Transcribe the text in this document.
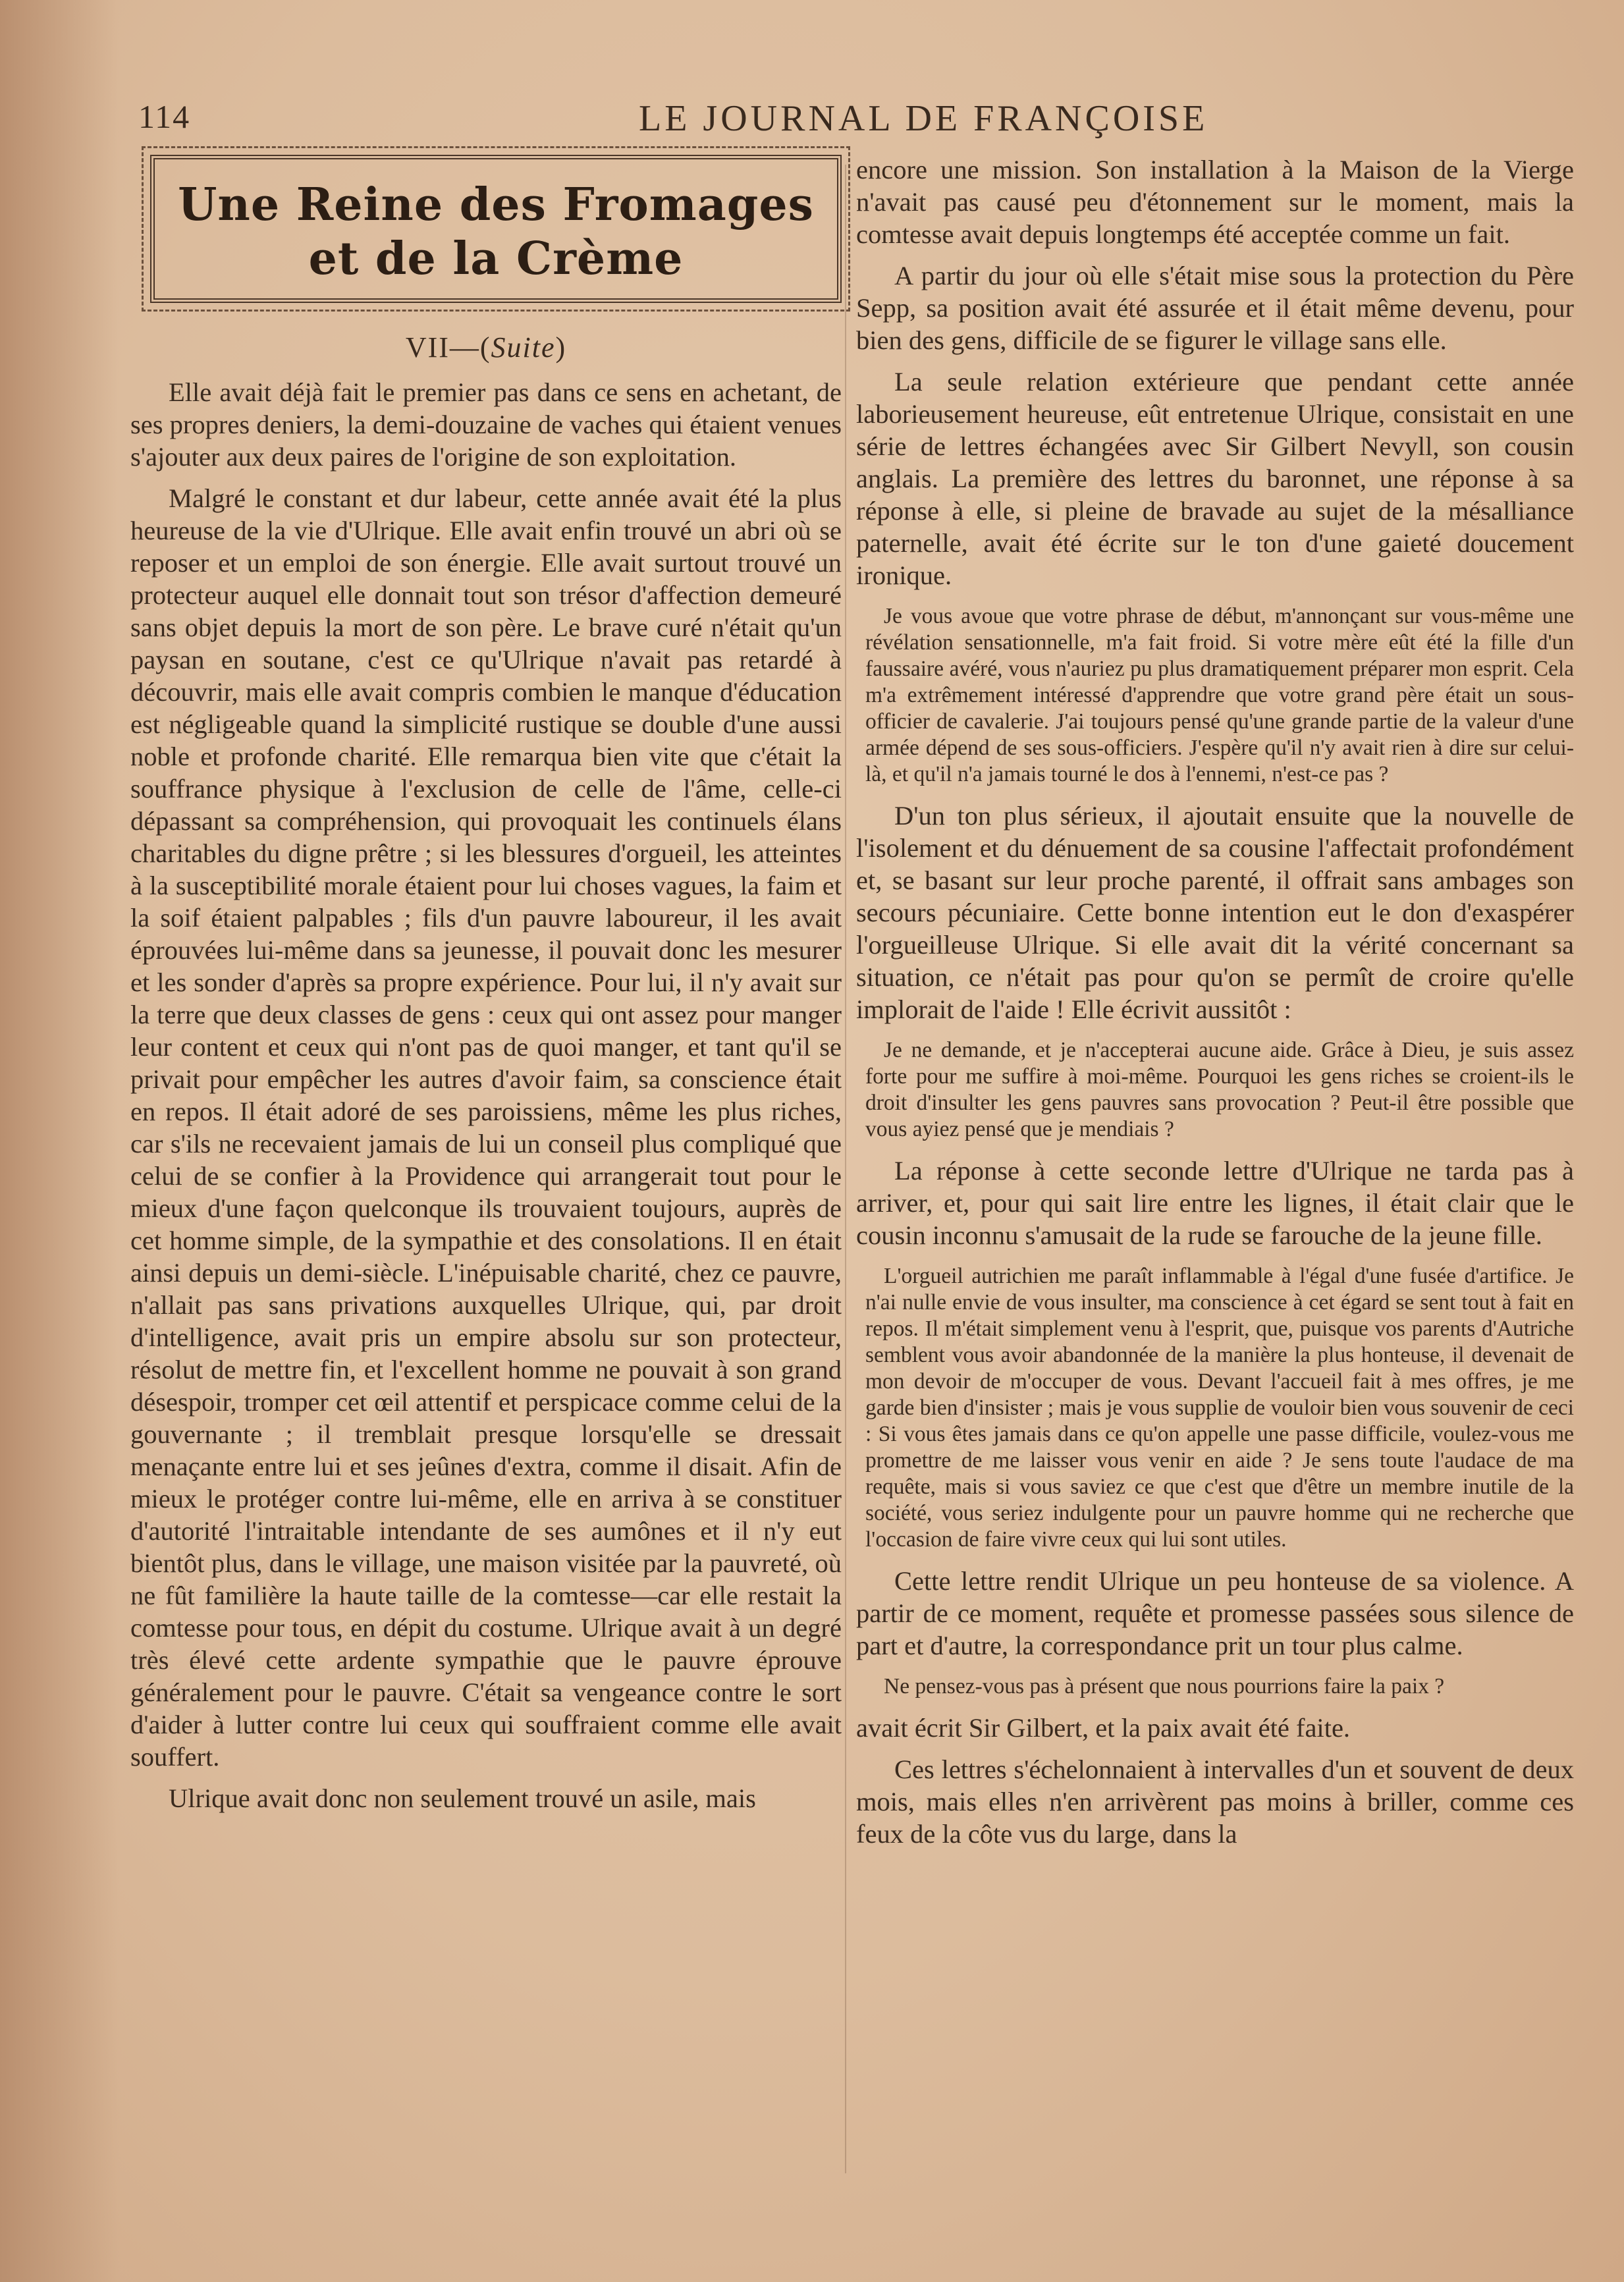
114	LE JOURNAL DE FRANÇOISE
Une Reine des Fromages
et de la Crème
VII—(Suite)

Elle avait déjà fait le premier pas dans ce sens en achetant, de ses propres deniers, la demi-douzaine de vaches qui étaient venues s'ajouter aux deux paires de l'origine de son exploitation.

Malgré le constant et dur labeur, cette année avait été la plus heureuse de la vie d'Ulrique. Elle avait enfin trouvé un abri où se reposer et un emploi de son énergie. Elle avait surtout trouvé un protecteur auquel elle donnait tout son trésor d'affection demeuré sans objet depuis la mort de son père. Le brave curé n'était qu'un paysan en soutane, c'est ce qu'Ulrique n'avait pas retardé à découvrir, mais elle avait compris combien le manque d'éducation est négligeable quand la simplicité rustique se double d'une aussi noble et profonde charité. Elle remarqua bien vite que c'était la souffrance physique à l'exclusion de celle de l'âme, celle-ci dépassant sa compréhension, qui provoquait les continuels élans charitables du digne prêtre ; si les blessures d'orgueil, les atteintes à la susceptibilité morale étaient pour lui choses vagues, la faim et la soif étaient palpables ; fils d'un pauvre laboureur, il les avait éprouvées lui-même dans sa jeunesse, il pouvait donc les mesurer et les sonder d'après sa propre expérience. Pour lui, il n'y avait sur la terre que deux classes de gens : ceux qui ont assez pour manger leur content et ceux qui n'ont pas de quoi manger, et tant qu'il se privait pour empêcher les autres d'avoir faim, sa conscience était en repos. Il était adoré de ses paroissiens, même les plus riches, car s'ils ne recevaient jamais de lui un conseil plus compliqué que celui de se confier à la Providence qui arrangerait tout pour le mieux d'une façon quelconque ils trouvaient toujours, auprès de cet homme simple, de la sympathie et des consolations. Il en était ainsi depuis un demi-siècle. L'inépuisable charité, chez ce pauvre, n'allait pas sans privations auxquelles Ulrique, qui, par droit d'intelligence, avait pris un empire absolu sur son protecteur, résolut de mettre fin, et l'excellent homme ne pouvait à son grand désespoir, tromper cet œil attentif et perspicace comme celui de la gouvernante ; il tremblait presque lorsqu'elle se dressait menaçante entre lui et ses jeûnes d'extra, comme il disait. Afin de mieux le protéger contre lui-même, elle en arriva à se constituer d'autorité l'intraitable intendante de ses aumônes et il n'y eut bientôt plus, dans le village, une maison visitée par la pauvreté, où ne fût familière la haute taille de la comtesse—car elle restait la comtesse pour tous, en dépit du costume. Ulrique avait à un degré très élevé cette ardente sympathie que le pauvre éprouve généralement pour le pauvre. C'était sa vengeance contre le sort d'aider à lutter contre lui ceux qui souffraient comme elle avait souffert.

Ulrique avait donc non seulement trouvé un asile, mais

encore une mission. Son installation à la Maison de la Vierge n'avait pas causé peu d'étonnement sur le moment, mais la comtesse avait depuis longtemps été acceptée comme un fait.

A partir du jour où elle s'était mise sous la protection du Père Sepp, sa position avait été assurée et il était même devenu, pour bien des gens, difficile de se figurer le village sans elle.

La seule relation extérieure que pendant cette année laborieusement heureuse, eût entretenue Ulrique, consistait en une série de lettres échangées avec Sir Gilbert Nevyll, son cousin anglais. La première des lettres du baronnet, une réponse à sa réponse à elle, si pleine de bravade au sujet de la mésalliance paternelle, avait été écrite sur le ton d'une gaieté doucement ironique.

Je vous avoue que votre phrase de début, m'annonçant sur vous-même une révélation sensationnelle, m'a fait froid. Si votre mère eût été la fille d'un faussaire avéré, vous n'auriez pu plus dramatiquement préparer mon esprit. Cela m'a extrêmement intéressé d'apprendre que votre grand père était un sous-officier de cavalerie. J'ai toujours pensé qu'une grande partie de la valeur d'une armée dépend de ses sous-officiers. J'espère qu'il n'y avait rien à dire sur celui-là, et qu'il n'a jamais tourné le dos à l'ennemi, n'est-ce pas ?

D'un ton plus sérieux, il ajoutait ensuite que la nouvelle de l'isolement et du dénuement de sa cousine l'affectait profondément et, se basant sur leur proche parenté, il offrait sans ambages son secours pécuniaire. Cette bonne intention eut le don d'exaspérer l'orgueilleuse Ulrique. Si elle avait dit la vérité concernant sa situation, ce n'était pas pour qu'on se permît de croire qu'elle implorait de l'aide ! Elle écrivit aussitôt :

Je ne demande, et je n'accepterai aucune aide. Grâce à Dieu, je suis assez forte pour me suffire à moi-même. Pourquoi les gens riches se croient-ils le droit d'insulter les gens pauvres sans provocation ? Peut-il être possible que vous ayiez pensé que je mendiais ?

La réponse à cette seconde lettre d'Ulrique ne tarda pas à arriver, et, pour qui sait lire entre les lignes, il était clair que le cousin inconnu s'amusait de la rude se farouche de la jeune fille.

L'orgueil autrichien me paraît inflammable à l'égal d'une fusée d'artifice. Je n'ai nulle envie de vous insulter, ma conscience à cet égard se sent tout à fait en repos. Il m'était simplement venu à l'esprit, que, puisque vos parents d'Autriche semblent vous avoir abandonnée de la manière la plus honteuse, il devenait de mon devoir de m'occuper de vous. Devant l'accueil fait à mes offres, je me garde bien d'insister ; mais je vous supplie de vouloir bien vous souvenir de ceci : Si vous êtes jamais dans ce qu'on appelle une passe difficile, voulez-vous me promettre de me laisser vous venir en aide ? Je sens toute l'audace de ma requête, mais si vous saviez ce que c'est que d'être un membre inutile de la société, vous seriez indulgente pour un pauvre homme qui ne recherche que l'occasion de faire vivre ceux qui lui sont utiles.

Cette lettre rendit Ulrique un peu honteuse de sa violence. A partir de ce moment, requête et promesse passées sous silence de part et d'autre, la correspondance prit un tour plus calme.

Ne pensez-vous pas à présent que nous pourrions faire la paix ?

avait écrit Sir Gilbert, et la paix avait été faite.

Ces lettres s'échelonnaient à intervalles d'un et souvent de deux mois, mais elles n'en arrivèrent pas moins à briller, comme ces feux de la côte vus du large, dans la
